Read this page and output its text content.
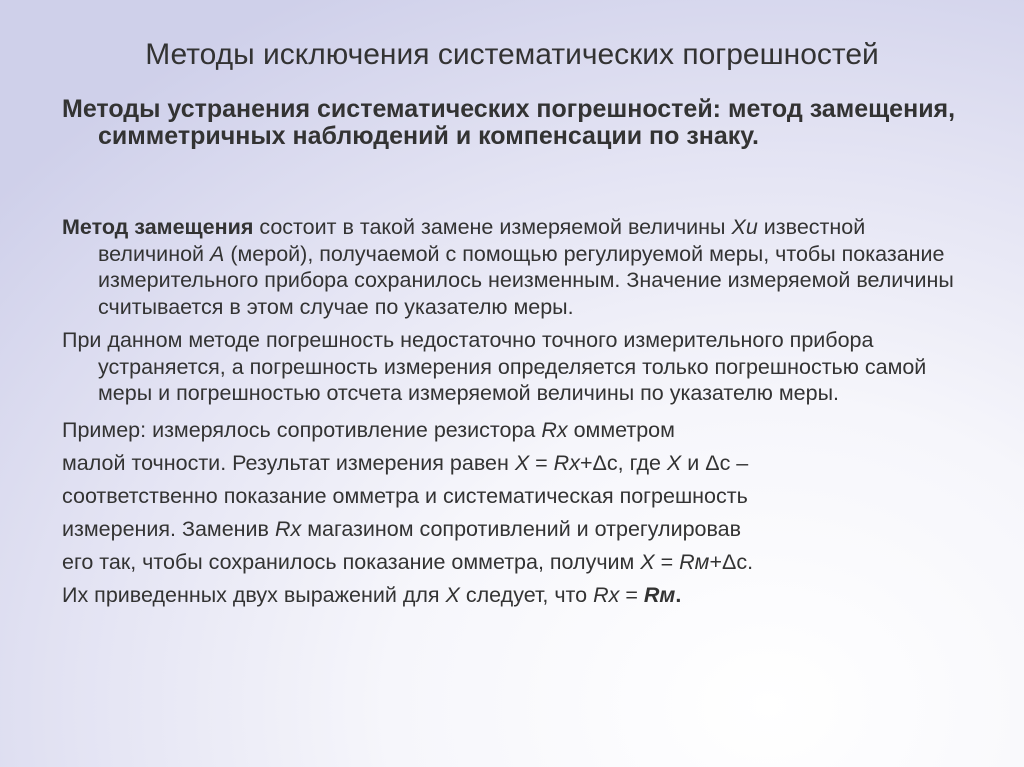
Методы исключения систематических погрешностей
Методы устранения систематических погрешностей: метод замещения, симметричных наблюдений и компенсации по знаку.
Метод замещения состоит в такой замене измеряемой величины Хи известной величиной А (мерой), получаемой с помощью регулируемой меры, чтобы показание измерительного прибора сохранилось неизменным. Значение измеряемой величины считывается в этом случае по указателю меры.
При данном методе погрешность недостаточно точного измерительного прибора устраняется, а погрешность измерения определяется только погрешностью самой меры и погрешностью отсчета измеряемой величины по указателю меры.
Пример: измерялось сопротивление резистора Rx омметром
малой точности. Результат измерения равен Х = Rx+Δc, где Х и Δc –
соответственно показание омметра и систематическая погрешность
измерения. Заменив Rx магазином сопротивлений и отрегулировав
его так, чтобы сохранилось показание омметра, получим Х = Rм+Δc.
Их приведенных двух выражений для Х следует, что Rx = Rм.
